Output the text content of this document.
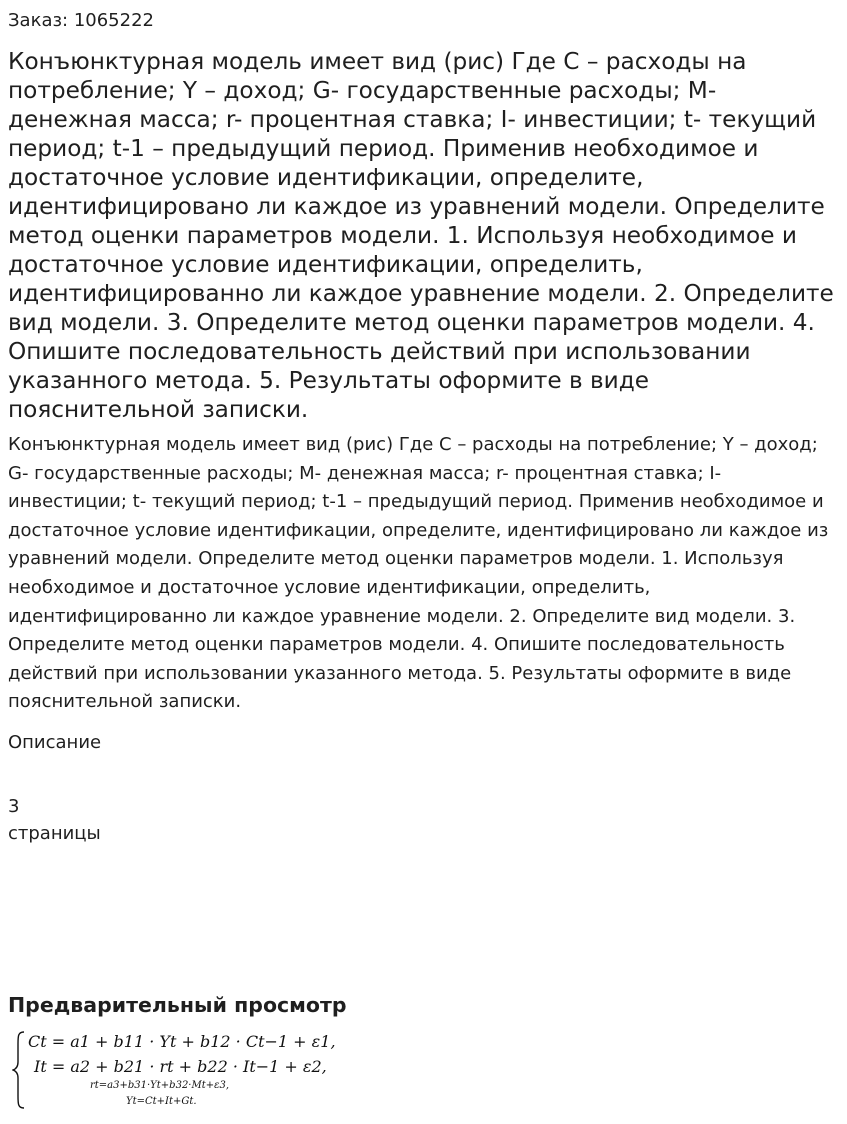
Заказ: 1065222
Конъюнктурная модель имеет вид (рис) Где С – расходы на потребление; Y – доход; G- государственные расходы; M- денежная масса; r- процентная ставка; I- инвестиции; t- текущий период; t-1 – предыдущий период. Применив необходимое и достаточное условие идентификации, определите, идентифицировано ли каждое из уравнений модели. Определите метод оценки параметров модели. 1. Используя необходимое и достаточное условие идентификации, определить, идентифицированно ли каждое уравнение модели. 2. Определите вид модели. 3. Определите метод оценки параметров модели. 4. Опишите последовательность действий при использовании указанного метода. 5. Результаты оформите в виде пояснительной записки.

Конъюнктурная модель имеет вид (рис) Где С – расходы на потребление; Y – доход; G- государственные расходы; M- денежная масса; r- процентная ставка; I- инвестиции; t- текущий период; t-1 – предыдущий период. Применив необходимое и достаточное условие идентификации, определите, идентифицировано ли каждое из уравнений модели. Определите метод оценки параметров модели. 1. Используя необходимое и достаточное условие идентификации, определить, идентифицированно ли каждое уравнение модели. 2. Определите вид модели. 3. Определите метод оценки параметров модели. 4. Опишите последовательность действий при использовании указанного метода. 5. Результаты оформите в виде пояснительной записки.

Описание
3
страницы
Предварительный просмотр
Ct = a1 + b11 · Yt + b12 · Ct−1 + ε1,
It = a2 + b21 · rt + b22 · It−1 + ε2,
rt=a3+b31·Yt+b32·Mt+ε3,
Yt=Ct+It+Gt.
